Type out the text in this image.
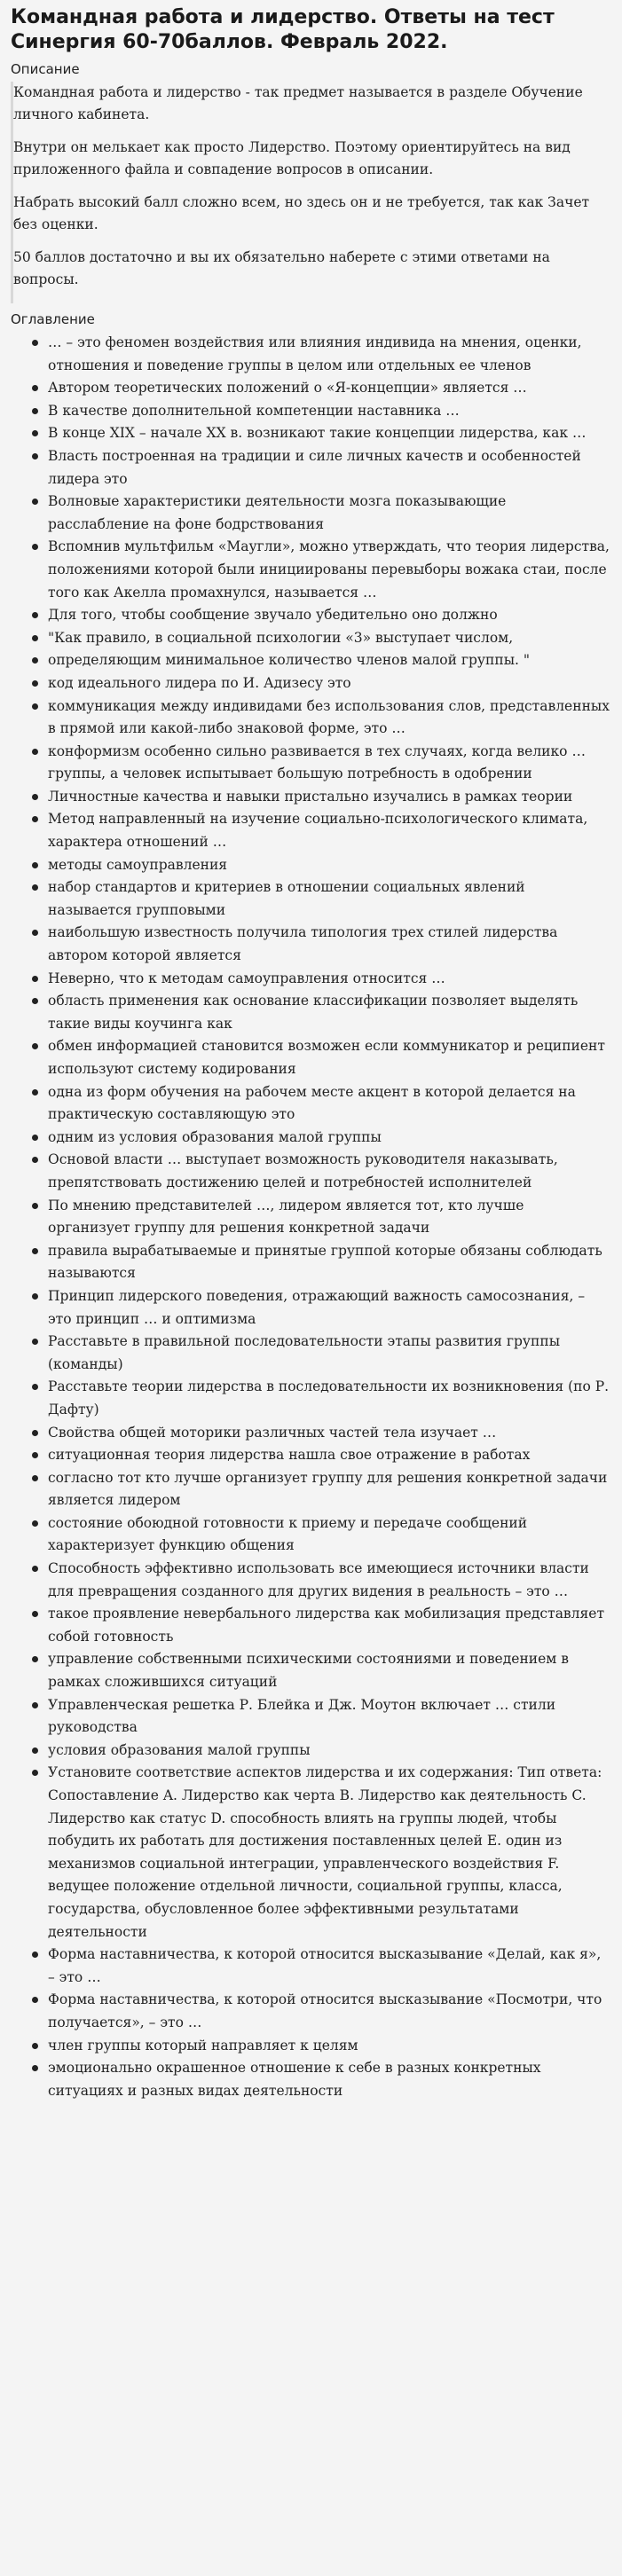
Командная работа и лидерство. Ответы на тест Синергия 60-70баллов. Февраль 2022.
Описание

Командная работа и лидерство - так предмет называется в разделе Обучение личного кабинета.

Внутри он мелькает как просто Лидерство. Поэтому ориентируйтесь на вид приложенного файла и совпадение вопросов в описании.

Набрать высокий балл сложно всем, но здесь он и не требуется, так как Зачет без оценки.

50 баллов достаточно и вы их обязательно наберете с этими ответами на вопросы.

Оглавление
… – это феномен воздействия или влияния индивида на мнения, оценки, отношения и поведение группы в целом или отдельных ее членов
Автором теоретических положений о «Я-концепции» является …
В качестве дополнительной компетенции наставника …
В конце XIX – начале XX в. возникают такие концепции лидерства, как …
Власть построенная на традиции и силе личных качеств и особенностей лидера это
Волновые характеристики деятельности мозга показывающие расслабление на фоне бодрствования
Вспомнив мультфильм «Маугли», можно утверждать, что теория лидерства, положениями которой были инициированы перевыборы вожака стаи, после того как Акелла промахнулся, называется …
Для того, чтобы сообщение звучало убедительно оно должно
"Как правило, в социальной психологии «3» выступает числом,
определяющим минимальное количество членов малой группы. "
код идеального лидера по И. Адизесу это
коммуникация между индивидами без использования слов, представленных в прямой или какой-либо знаковой форме, это …
конформизм особенно сильно развивается в тех случаях, когда велико … группы, а человек испытывает большую потребность в одобрении
Личностные качества и навыки пристально изучались в рамках теории
Метод направленный на изучение социально-психологического климата, характера отношений …
методы самоуправления
набор стандартов и критериев в отношении социальных явлений называется групповыми
наибольшую известность получила типология трех стилей лидерства автором которой является
Неверно, что к методам самоуправления относится …
область применения как основание классификации позволяет выделять такие виды коучинга как
обмен информацией становится возможен если коммуникатор и реципиент используют систему кодирования
одна из форм обучения на рабочем месте акцент в которой делается на практическую составляющую это
одним из условия образования малой группы
Основой власти … выступает возможность руководителя наказывать, препятствовать достижению целей и потребностей исполнителей
По мнению представителей …, лидером является тот, кто лучше организует группу для решения конкретной задачи
правила вырабатываемые и принятые группой которые обязаны соблюдать называются
Принцип лидерского поведения, отражающий важность самосознания, – это принцип … и оптимизма
Расставьте в правильной последовательности этапы развития группы (команды)
Расставьте теории лидерства в последовательности их возникновения (по Р. Дафту)
Свойства общей моторики различных частей тела изучает …
ситуационная теория лидерства нашла свое отражение в работах
согласно тот кто лучше организует группу для решения конкретной задачи является лидером
состояние обоюдной готовности к приему и передаче сообщений характеризует функцию общения
Способность эффективно использовать все имеющиеся источники власти для превращения созданного для других видения в реальность – это …
такое проявление невербального лидерства как мобилизация представляет собой готовность
управление собственными психическими состояниями и поведением в рамках сложившихся ситуаций
Управленческая решетка Р. Блейка и Дж. Моутон включает … стили руководства
условия образования малой группы
Установите соответствие аспектов лидерства и их содержания: Тип ответа: Сопоставление A. Лидерство как черта B. Лидерство как деятельность C. Лидерство как статус D. способность влиять на группы людей, чтобы побудить их работать для достижения поставленных целей E. один из механизмов социальной интеграции, управленческого воздействия F. ведущее положение отдельной личности, социальной группы, класса, государства, обусловленное более эффективными результатами деятельности
Форма наставничества, к которой относится высказывание «Делай, как я», – это …
Форма наставничества, к которой относится высказывание «Посмотри, что получается», – это …
член группы который направляет к целям
эмоционально окрашенное отношение к себе в разных конкретных ситуациях и разных видах деятельности
